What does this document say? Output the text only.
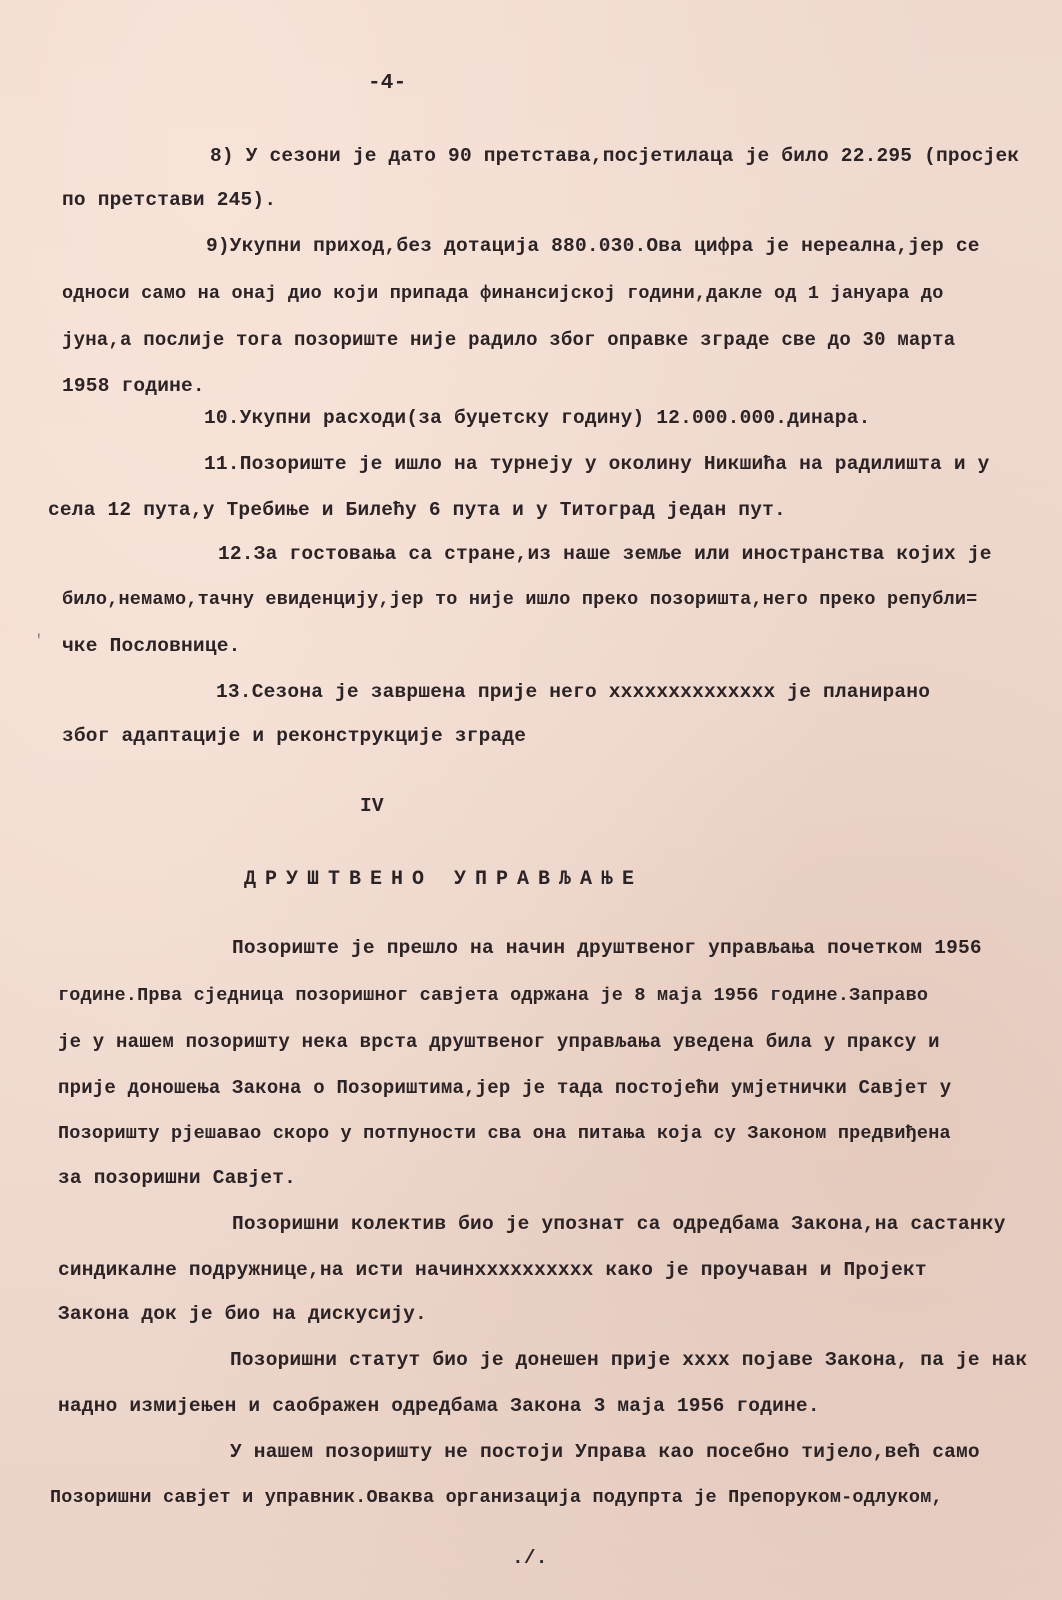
-4-
8) У сезони је дато 90 претстава,посјетилаца је било 22.295 (просјек
по претстави 245).
9)Укупни приход,без дотација 880.030.Ова цифра је нереална,јер се
односи само на онај дио који припада финансијској години,дакле од 1 јануара до
јуна,а послије тога позориште није радило због оправке зграде све до 30 марта
1958 године.
10.Укупни расходи(за буџетску годину) 12.000.000.динара.
11.Позориште је ишло на турнеју у околину Никшића на радилишта и у
села 12 пута,у Требиње и Билећу 6 пута и у Титоград један пут.
12.За гостовања са стране,из наше земље или иностранства којих је
било,немамо,тачну евиденцију,јер то није ишло преко позоришта,него преко републи=
чке Пословнице.
13.Сезона је завршена прије него хххххххххххххх је планирано
због адаптације и реконструкције зграде
IV
ДРУШТВЕНО УПРАВЉАЊЕ
Позориште је прешло на начин друштвеног управљања почетком 1956
године.Прва сједница позоришног савјета одржана је 8 маја 1956 године.Заправо
је у нашем позоришту нека врста друштвеног управљања уведена била у праксу и
прије доношења Закона о Позориштима,јер је тада постојећи умјетнички Савјет у
Позоришту рјешавао скоро у потпуности сва она питања која су Законом предвиђена
за позоришни Савјет.
Позоришни колектив био је упознат са одредбама Закона,на састанку
синдикалне подружнице,на исти начинхххххххххх како је проучаван и Пројект
Закона док је био на дискусију.
Позоришни статут био је донешен прије хххх појаве Закона, па је нак
надно измијењен и саображен одредбама Закона 3 маја 1956 године.
У нашем позоришту не постоји Управа као посебно тијело,већ само
Позоришни савјет и управник.Оваква организација подупрта је Препоруком-одлуком,
./.
'
